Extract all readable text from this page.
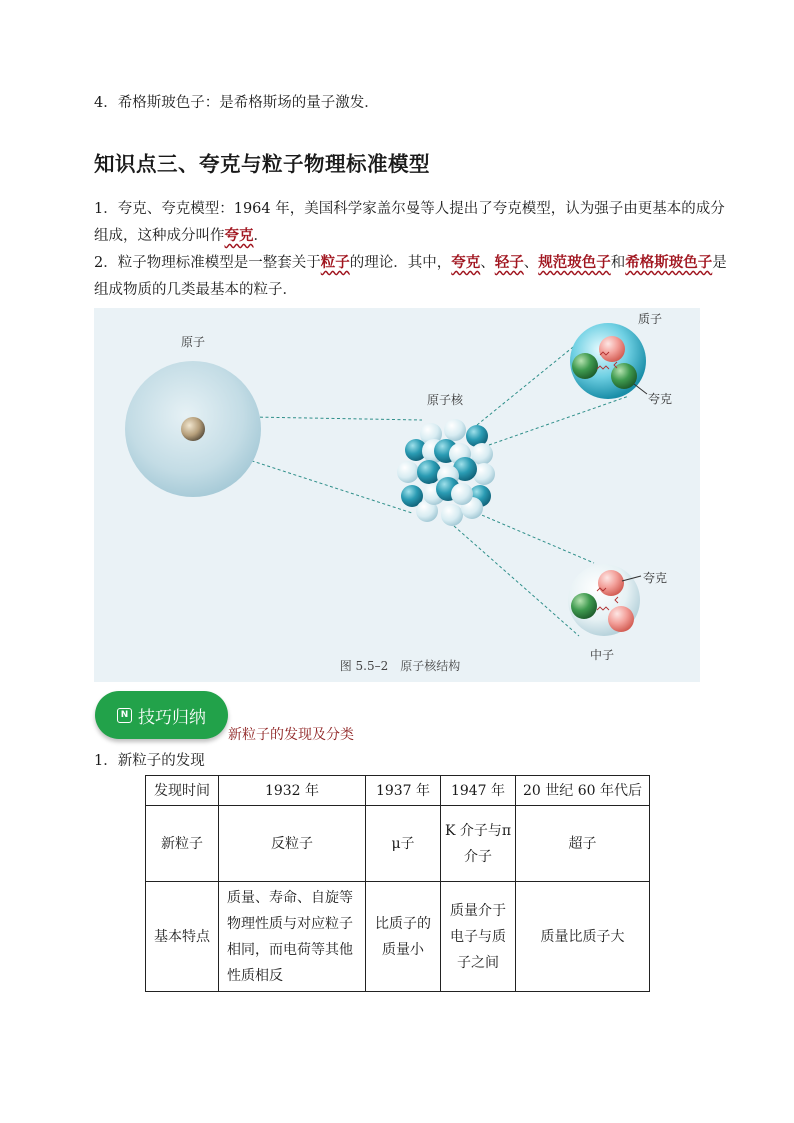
4．希格斯玻色子：是希格斯场的量子激发．
知识点三、夸克与粒子物理标准模型
1．夸克、夸克模型：1964 年，美国科学家盖尔曼等人提出了夸克模型，认为强子由更基本的成分
组成，这种成分叫作夸克．
2．粒子物理标准模型是一整套关于粒子的理论．其中，夸克、轻子、规范玻色子和希格斯玻色子是
组成物质的几类最基本的粒子．
原子
原子核
质子
夸克
夸克
中子
图 5.5–2　原子核结构
N 技巧归纳
新粒子的发现及分类
1．新粒子的发现
发现时间	1932 年	1937 年	1947 年	20 世纪 60 年代后
新粒子	反粒子	μ子	K 介子与π介子	超子
基本特点	质量、寿命、自旋等物理性质与对应粒子相同，而电荷等其他性质相反	比质子的质量小	质量介于电子与质子之间	质量比质子大
